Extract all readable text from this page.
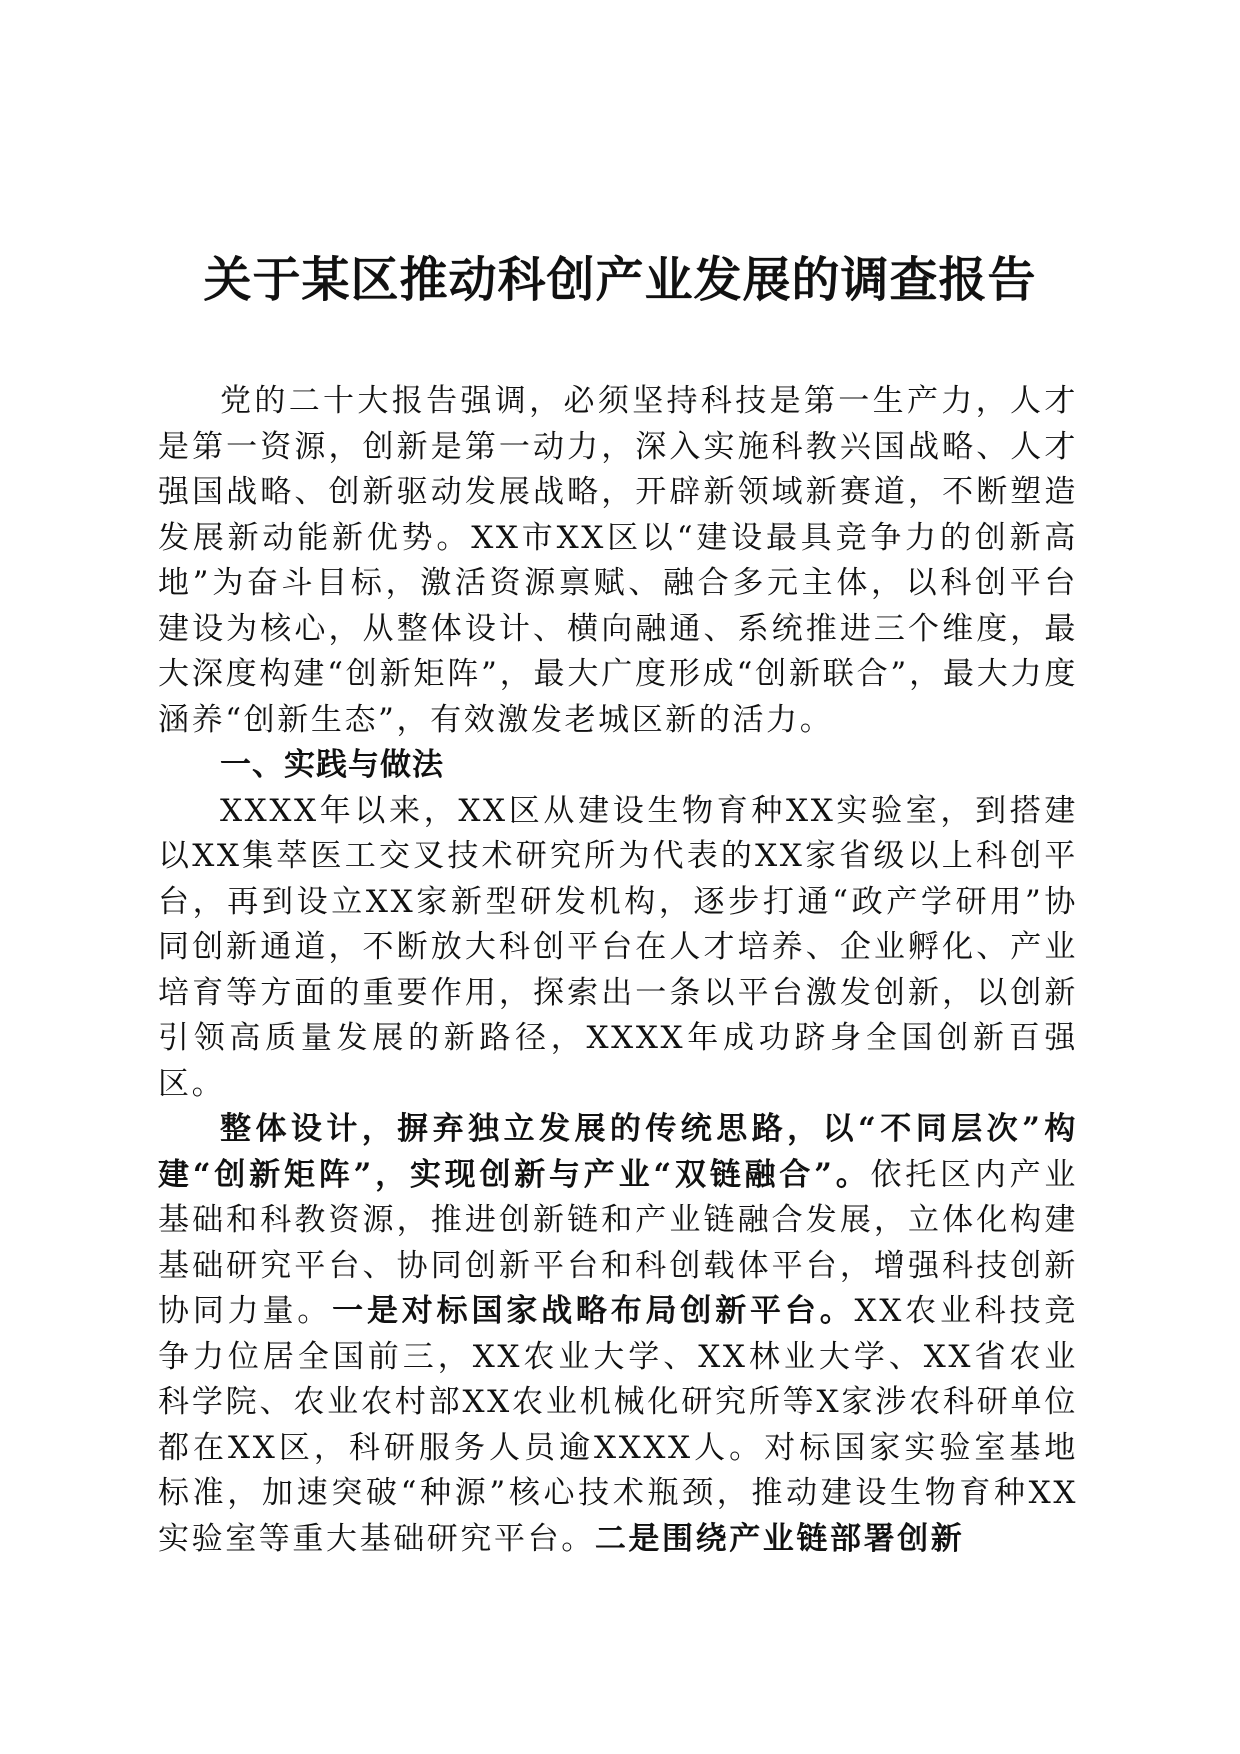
关于某区推动科创产业发展的调查报告

党的二十大报告强调，必须坚持科技是第一生产力，人才是第一资源，创新是第一动力，深入实施科教兴国战略、人才强国战略、创新驱动发展战略，开辟新领域新赛道，不断塑造发展新动能新优势。XX市XX区以“建设最具竞争力的创新高地”为奋斗目标，激活资源禀赋、融合多元主体，以科创平台建设为核心，从整体设计、横向融通、系统推进三个维度，最大深度构建“创新矩阵”，最大广度形成“创新联合”，最大力度涵养“创新生态”，有效激发老城区新的活力。

一、实践与做法

XXXX年以来，XX区从建设生物育种XX实验室，到搭建以XX集萃医工交叉技术研究所为代表的XX家省级以上科创平台，再到设立XX家新型研发机构，逐步打通“政产学研用”协同创新通道，不断放大科创平台在人才培养、企业孵化、产业培育等方面的重要作用，探索出一条以平台激发创新，以创新引领高质量发展的新路径，XXXX年成功跻身全国创新百强区。

整体设计，摒弃独立发展的传统思路，以“不同层次”构建“创新矩阵”，实现创新与产业“双链融合”。依托区内产业基础和科教资源，推进创新链和产业链融合发展，立体化构建基础研究平台、协同创新平台和科创载体平台，增强科技创新协同力量。一是对标国家战略布局创新平台。XX农业科技竞争力位居全国前三，XX农业大学、XX林业大学、XX省农业科学院、农业农村部XX农业机械化研究所等X家涉农科研单位都在XX区，科研服务人员逾XXXX人。对标国家实验室基地标准，加速突破“种源”核心技术瓶颈，推动建设生物育种XX实验室等重大基础研究平台。二是围绕产业链部署创新
